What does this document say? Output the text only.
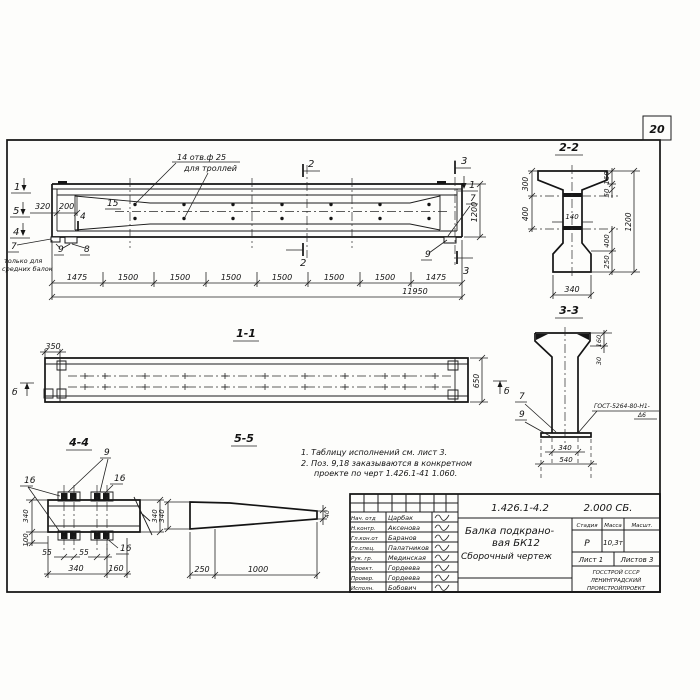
20
14 отв.ф 25
для троллей
1
5
4
1
2
2
3
3
4
320 200	15
7
только для
средних балок
9 8
7
9
1200
1475	1500	1500	1500	1500	1500	1500	1475
11950
2-2
300
400	140
160
50
400
250
1200
340
3-3
160
30
ГОСТ-5264-80-Н1-
Δ6
7
9
340
540
б
1-1
350
650
б
4-4
340
100
340
55	55
340	160
9
16	16
16
5-5
340
250	1000
40
1. Таблицу исполнений см. лист 3.
2. Поз. 9,18 заказываются в конкретном
проекте по черт 1.426.1-41 1.060.
Нач. отд Царбак
Н.контр. Аксенова
Гл.кон.от Баранов
Гл.спец. Палатников
Рук. гр. Мединская
Проект. Гордеева
Провер. Гордеева
Исполн. Бобович
1.426.1-4.2	2.000 СБ.
Балка подкрано-
вая БК12
Сборочный чертеж
Стадия Масса Масшт.
Р 10,3т
Лист 1 Листов 3
ГОССТРОЙ СССР
ЛЕНИНГРАДСКИЙ
ПРОМСТРОЙПРОЕКТ
